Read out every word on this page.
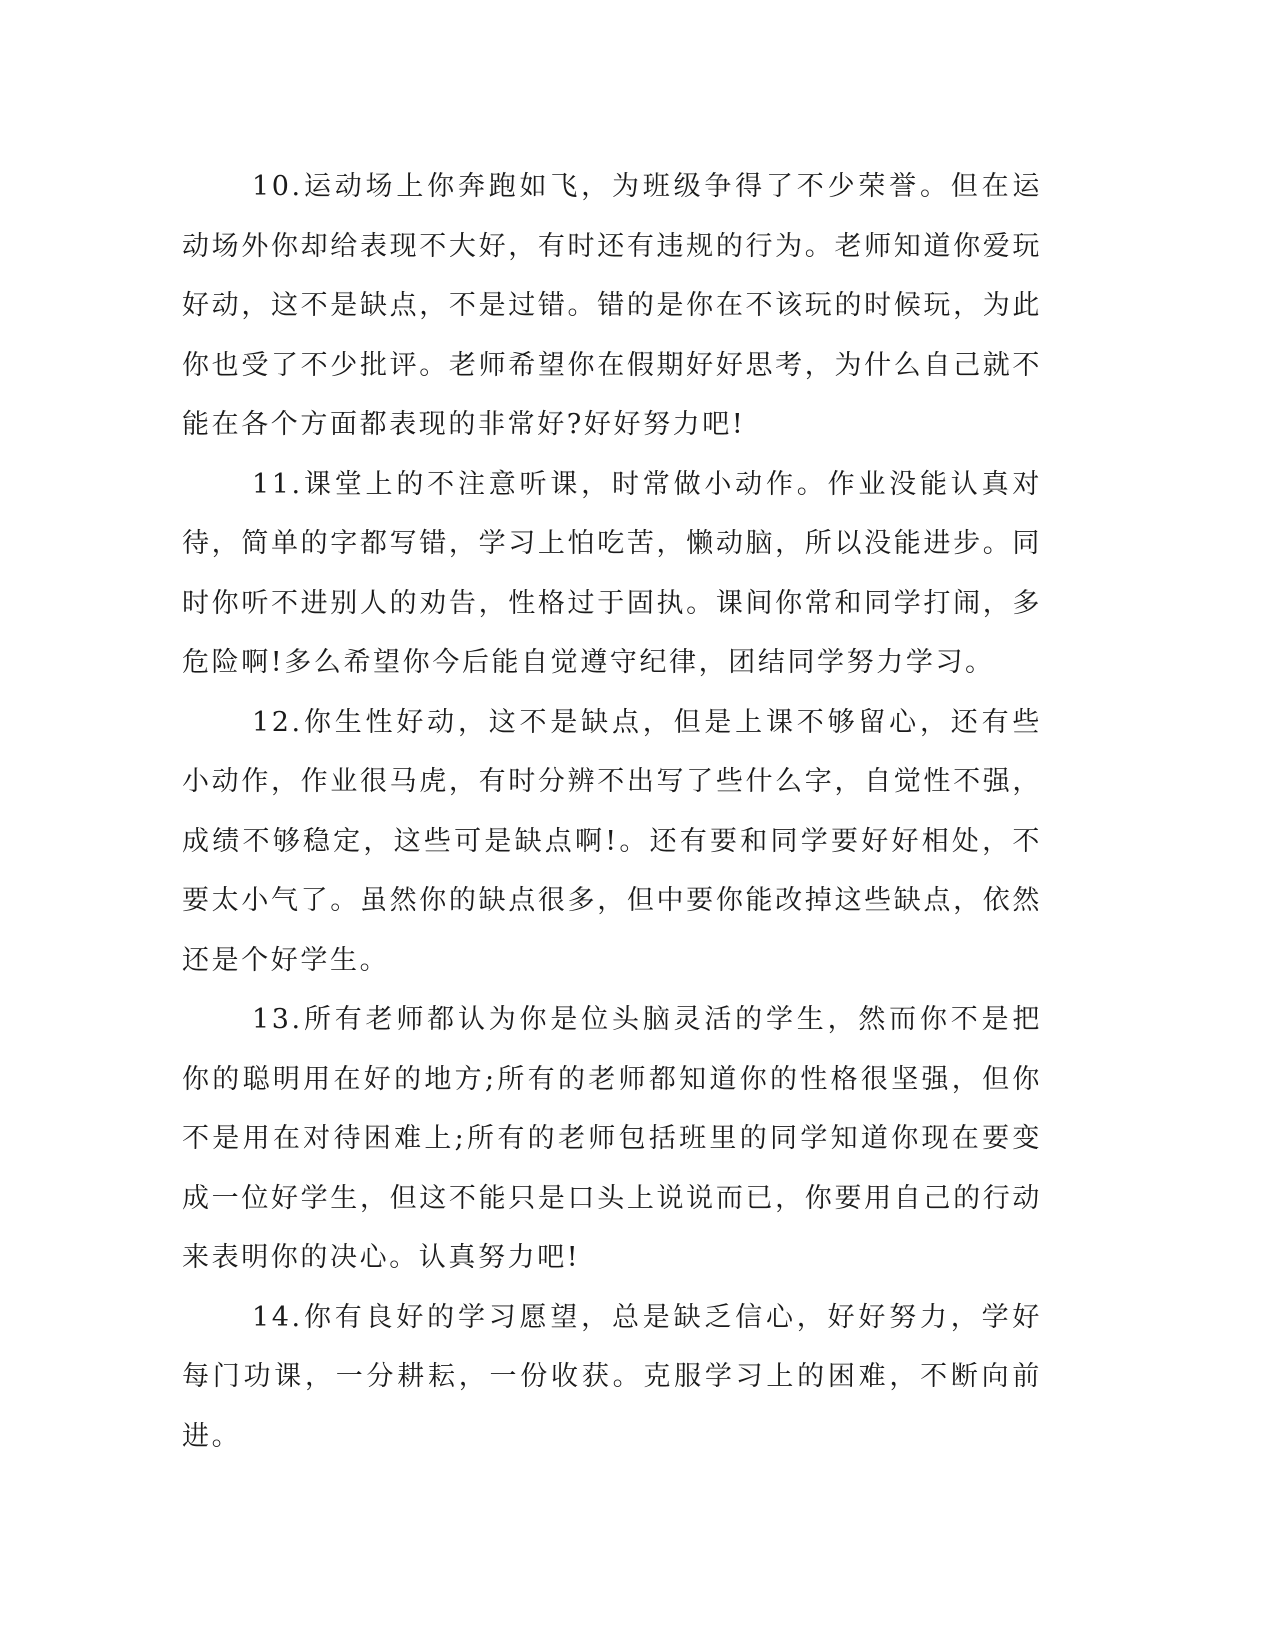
10.运动场上你奔跑如飞，为班级争得了不少荣誉。但在运动场外你却给表现不大好，有时还有违规的行为。老师知道你爱玩好动，这不是缺点，不是过错。错的是你在不该玩的时候玩，为此你也受了不少批评。老师希望你在假期好好思考，为什么自己就不能在各个方面都表现的非常好?好好努力吧!

11.课堂上的不注意听课，时常做小动作。作业没能认真对待，简单的字都写错，学习上怕吃苦，懒动脑，所以没能进步。同时你听不进别人的劝告，性格过于固执。课间你常和同学打闹，多危险啊!多么希望你今后能自觉遵守纪律，团结同学努力学习。

12.你生性好动，这不是缺点，但是上课不够留心，还有些小动作，作业很马虎，有时分辨不出写了些什么字，自觉性不强，成绩不够稳定，这些可是缺点啊!。还有要和同学要好好相处，不要太小气了。虽然你的缺点很多，但中要你能改掉这些缺点，依然还是个好学生。

13.所有老师都认为你是位头脑灵活的学生，然而你不是把你的聪明用在好的地方;所有的老师都知道你的性格很坚强，但你不是用在对待困难上;所有的老师包括班里的同学知道你现在要变成一位好学生，但这不能只是口头上说说而已，你要用自己的行动来表明你的决心。认真努力吧!

14.你有良好的学习愿望，总是缺乏信心，好好努力，学好每门功课，一分耕耘，一份收获。克服学习上的困难，不断向前进。
